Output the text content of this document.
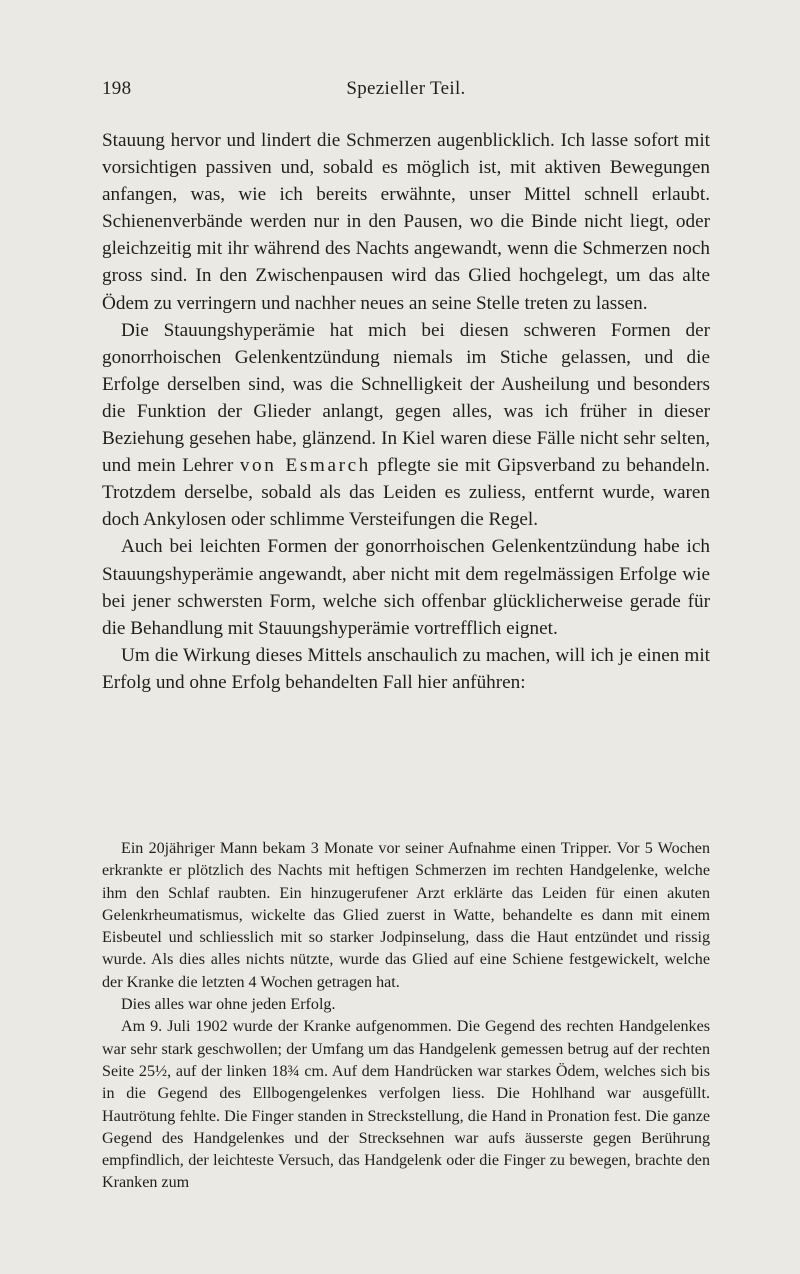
198	Spezieller Teil.

Stauung hervor und lindert die Schmerzen augenblicklich. Ich lasse sofort mit vorsichtigen passiven und, sobald es möglich ist, mit aktiven Bewegungen anfangen, was, wie ich bereits erwähnte, unser Mittel schnell erlaubt. Schienenverbände werden nur in den Pausen, wo die Binde nicht liegt, oder gleichzeitig mit ihr während des Nachts angewandt, wenn die Schmerzen noch gross sind. In den Zwischenpausen wird das Glied hochgelegt, um das alte Ödem zu verringern und nachher neues an seine Stelle treten zu lassen.

Die Stauungshyperämie hat mich bei diesen schweren Formen der gonorrhoischen Gelenkentzündung niemals im Stiche gelassen, und die Erfolge derselben sind, was die Schnelligkeit der Ausheilung und besonders die Funktion der Glieder anlangt, gegen alles, was ich früher in dieser Beziehung gesehen habe, glänzend. In Kiel waren diese Fälle nicht sehr selten, und mein Lehrer von Esmarch pflegte sie mit Gipsverband zu behandeln. Trotzdem derselbe, sobald als das Leiden es zuliess, entfernt wurde, waren doch Ankylosen oder schlimme Versteifungen die Regel.

Auch bei leichten Formen der gonorrhoischen Gelenkentzündung habe ich Stauungshyperämie angewandt, aber nicht mit dem regelmässigen Erfolge wie bei jener schwersten Form, welche sich offenbar glücklicherweise gerade für die Behandlung mit Stauungshyperämie vortrefflich eignet.

Um die Wirkung dieses Mittels anschaulich zu machen, will ich je einen mit Erfolg und ohne Erfolg behandelten Fall hier anführen:

Ein 20jähriger Mann bekam 3 Monate vor seiner Aufnahme einen Tripper. Vor 5 Wochen erkrankte er plötzlich des Nachts mit heftigen Schmerzen im rechten Handgelenke, welche ihm den Schlaf raubten. Ein hinzugerufener Arzt erklärte das Leiden für einen akuten Gelenkrheumatismus, wickelte das Glied zuerst in Watte, behandelte es dann mit einem Eisbeutel und schliesslich mit so starker Jodpinselung, dass die Haut entzündet und rissig wurde. Als dies alles nichts nützte, wurde das Glied auf eine Schiene festgewickelt, welche der Kranke die letzten 4 Wochen getragen hat.

Dies alles war ohne jeden Erfolg.

Am 9. Juli 1902 wurde der Kranke aufgenommen. Die Gegend des rechten Handgelenkes war sehr stark geschwollen; der Umfang um das Handgelenk gemessen betrug auf der rechten Seite 25½, auf der linken 18¾ cm. Auf dem Handrücken war starkes Ödem, welches sich bis in die Gegend des Ellbogengelenkes verfolgen liess. Die Hohlhand war ausgefüllt. Hautrötung fehlte. Die Finger standen in Streckstellung, die Hand in Pronation fest. Die ganze Gegend des Handgelenkes und der Strecksehnen war aufs äusserste gegen Berührung empfindlich, der leichteste Versuch, das Handgelenk oder die Finger zu bewegen, brachte den Kranken zum
